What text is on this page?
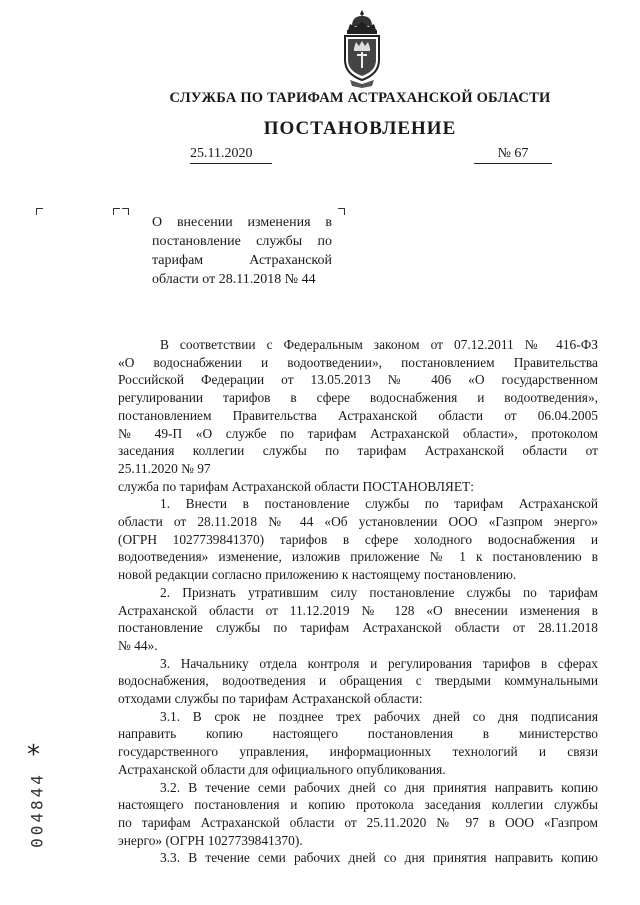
СЛУЖБА ПО ТАРИФАМ АСТРАХАНСКОЙ ОБЛАСТИ
ПОСТАНОВЛЕНИЕ
25.11.2020	№ 67
О внесении изменения в
постановление службы по
тарифам Астраханской
области от 28.11.2018 № 44
В соответствии с Федеральным законом от 07.12.2011 № 416-ФЗ
«О водоснабжении и водоотведении», постановлением Правительства
Российской Федерации от 13.05.2013 № 406 «О государственном
регулировании тарифов в сфере водоснабжения и водоотведения»,
постановлением Правительства Астраханской области от 06.04.2005
№ 49-П «О службе по тарифам Астраханской области», протоколом
заседания коллегии службы по тарифам Астраханской области от
25.11.2020 № 97
служба по тарифам Астраханской области ПОСТАНОВЛЯЕТ:
1. Внести в постановление службы по тарифам Астраханской
области от 28.11.2018 № 44 «Об установлении ООО «Газпром энерго»
(ОГРН 1027739841370) тарифов в сфере холодного водоснабжения и
водоотведения» изменение, изложив приложение № 1 к постановлению в
новой редакции согласно приложению к настоящему постановлению.
2. Признать утратившим силу постановление службы по тарифам
Астраханской области от 11.12.2019 № 128 «О внесении изменения в
постановление службы по тарифам Астраханской области от 28.11.2018
№ 44».
3. Начальнику отдела контроля и регулирования тарифов в сферах
водоснабжения, водоотведения и обращения с твердыми коммунальными
отходами службы по тарифам Астраханской области:
3.1. В срок не позднее трех рабочих дней со дня подписания
направить копию настоящего постановления в министерство
государственного управления, информационных технологий и связи
Астраханской области для официального опубликования.
3.2. В течение семи рабочих дней со дня принятия направить копию
настоящего постановления и копию протокола заседания коллегии службы
по тарифам Астраханской области от 25.11.2020 № 97 в ООО «Газпром
энерго» (ОГРН 1027739841370).
3.3. В течение семи рабочих дней со дня принятия направить копию
*
004844
